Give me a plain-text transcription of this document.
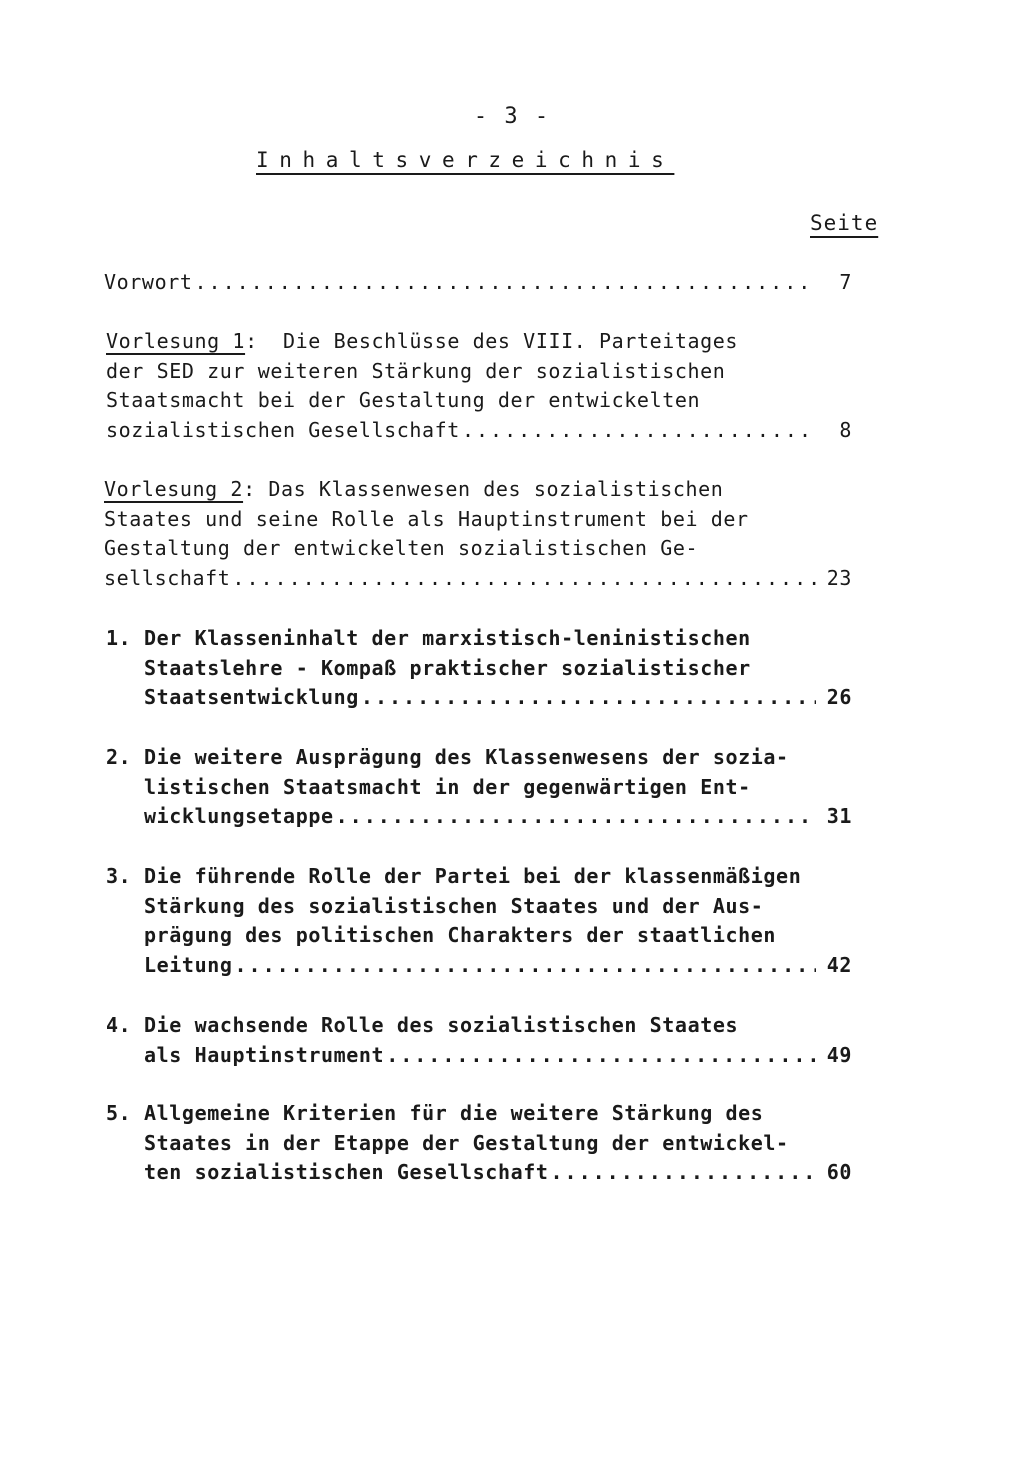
- 3 -
Inhaltsverzeichnis
Seite
Vorwort .....	7
Vorlesung 1:  Die Beschlüsse des VIII. Parteitages
der SED zur weiteren Stärkung der sozialistischen
Staatsmacht bei der Gestaltung der entwickelten
sozialistischen Gesellschaft .....	8
Vorlesung 2: Das Klassenwesen des sozialistischen
Staates und seine Rolle als Hauptinstrument bei der
Gestaltung der entwickelten sozialistischen Ge-
sellschaft .....	23
1. Der Klasseninhalt der marxistisch-leninistischen
Staatslehre - Kompaß praktischer sozialistischer
Staatsentwicklung .....	26
2. Die weitere Ausprägung des Klassenwesens der sozia-
listischen Staatsmacht in der gegenwärtigen Ent-
wicklungsetappe .....	31
3. Die führende Rolle der Partei bei der klassenmäßigen
Stärkung des sozialistischen Staates und der Aus-
prägung des politischen Charakters der staatlichen
Leitung .....	42
4. Die wachsende Rolle des sozialistischen Staates
als Hauptinstrument .....	49
5. Allgemeine Kriterien für die weitere Stärkung des
Staates in der Etappe der Gestaltung der entwickel-
ten sozialistischen Gesellschaft .....	60
